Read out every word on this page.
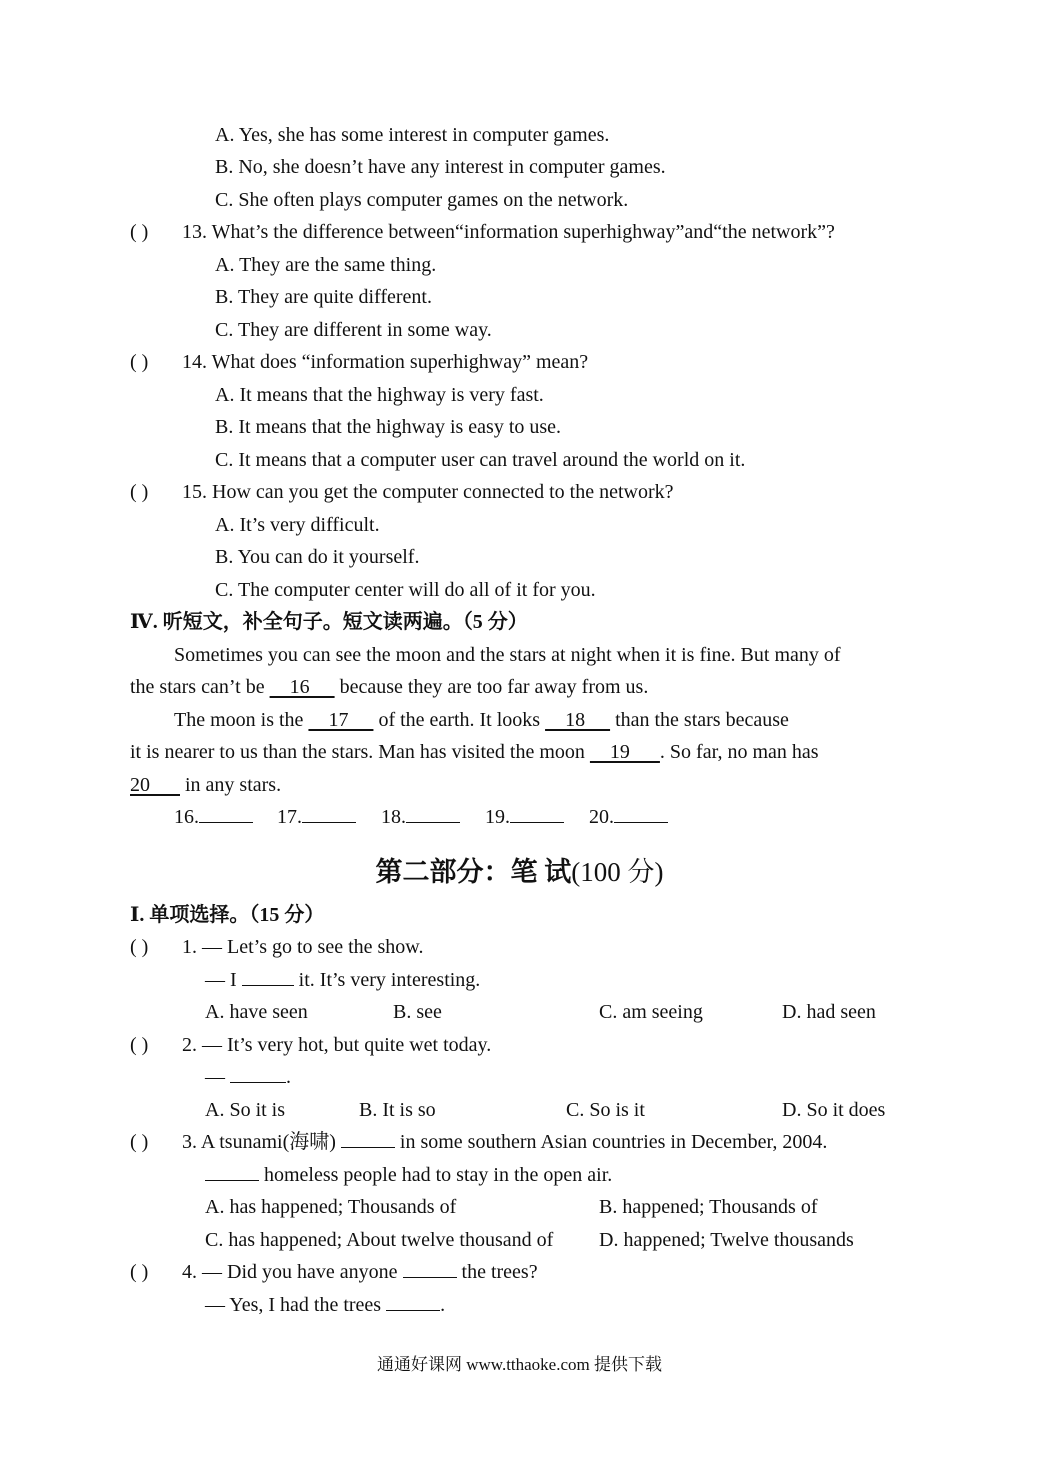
A. Yes, she has some interest in computer games.
B. No, she doesn’t have any interest in computer games.
C. She often plays computer games on the network.
( ) 13. What’s the difference between“information superhighway”and“the network”?
A. They are the same thing.
B. They are quite different.
C. They are different in some way.
( ) 14. What does “information superhighway” mean?
A. It means that the highway is very fast.
B. It means that the highway is easy to use.
C. It means that a computer user can travel around the world on it.
( ) 15. How can you get the computer connected to the network?
A. It’s very difficult.
B. You can do it yourself.
C. The computer center will do all of it for you.
Ⅳ. 听短文，补全句子。短文读两遍。（5 分）
Sometimes you can see the moon and the stars at night when it is fine. But many of
the stars can’t be     16      because they are too far away from us.
The moon is the     17      of the earth. It looks     18      than the stars because
it is nearer to us than the stars. Man has visited the moon     19      . So far, no man has
20       in any stars.
16.	17.	18.	19.	20.
第二部分：笔 试(100 分)
Ⅰ. 单项选择。（15 分）
( ) 1. — Let’s go to see the show.
— I	it. It’s very interesting.
A. have seen	B. see	C. am seeing	D. had seen
( ) 2. — It’s very hot, but quite wet today.
—	.
A. So it is	B. It is so	C. So is it	D. So it does
( ) 3. A tsunami(海啸)	in some southern Asian countries in December, 2004.
homeless people had to stay in the open air.
A. has happened; Thousands of	B. happened; Thousands of
C. has happened; About twelve thousand of D. happened; Twelve thousands
( ) 4. — Did you have anyone	the trees?
— Yes, I had the trees	.
通通好课网 www.tthaoke.com 提供下载
